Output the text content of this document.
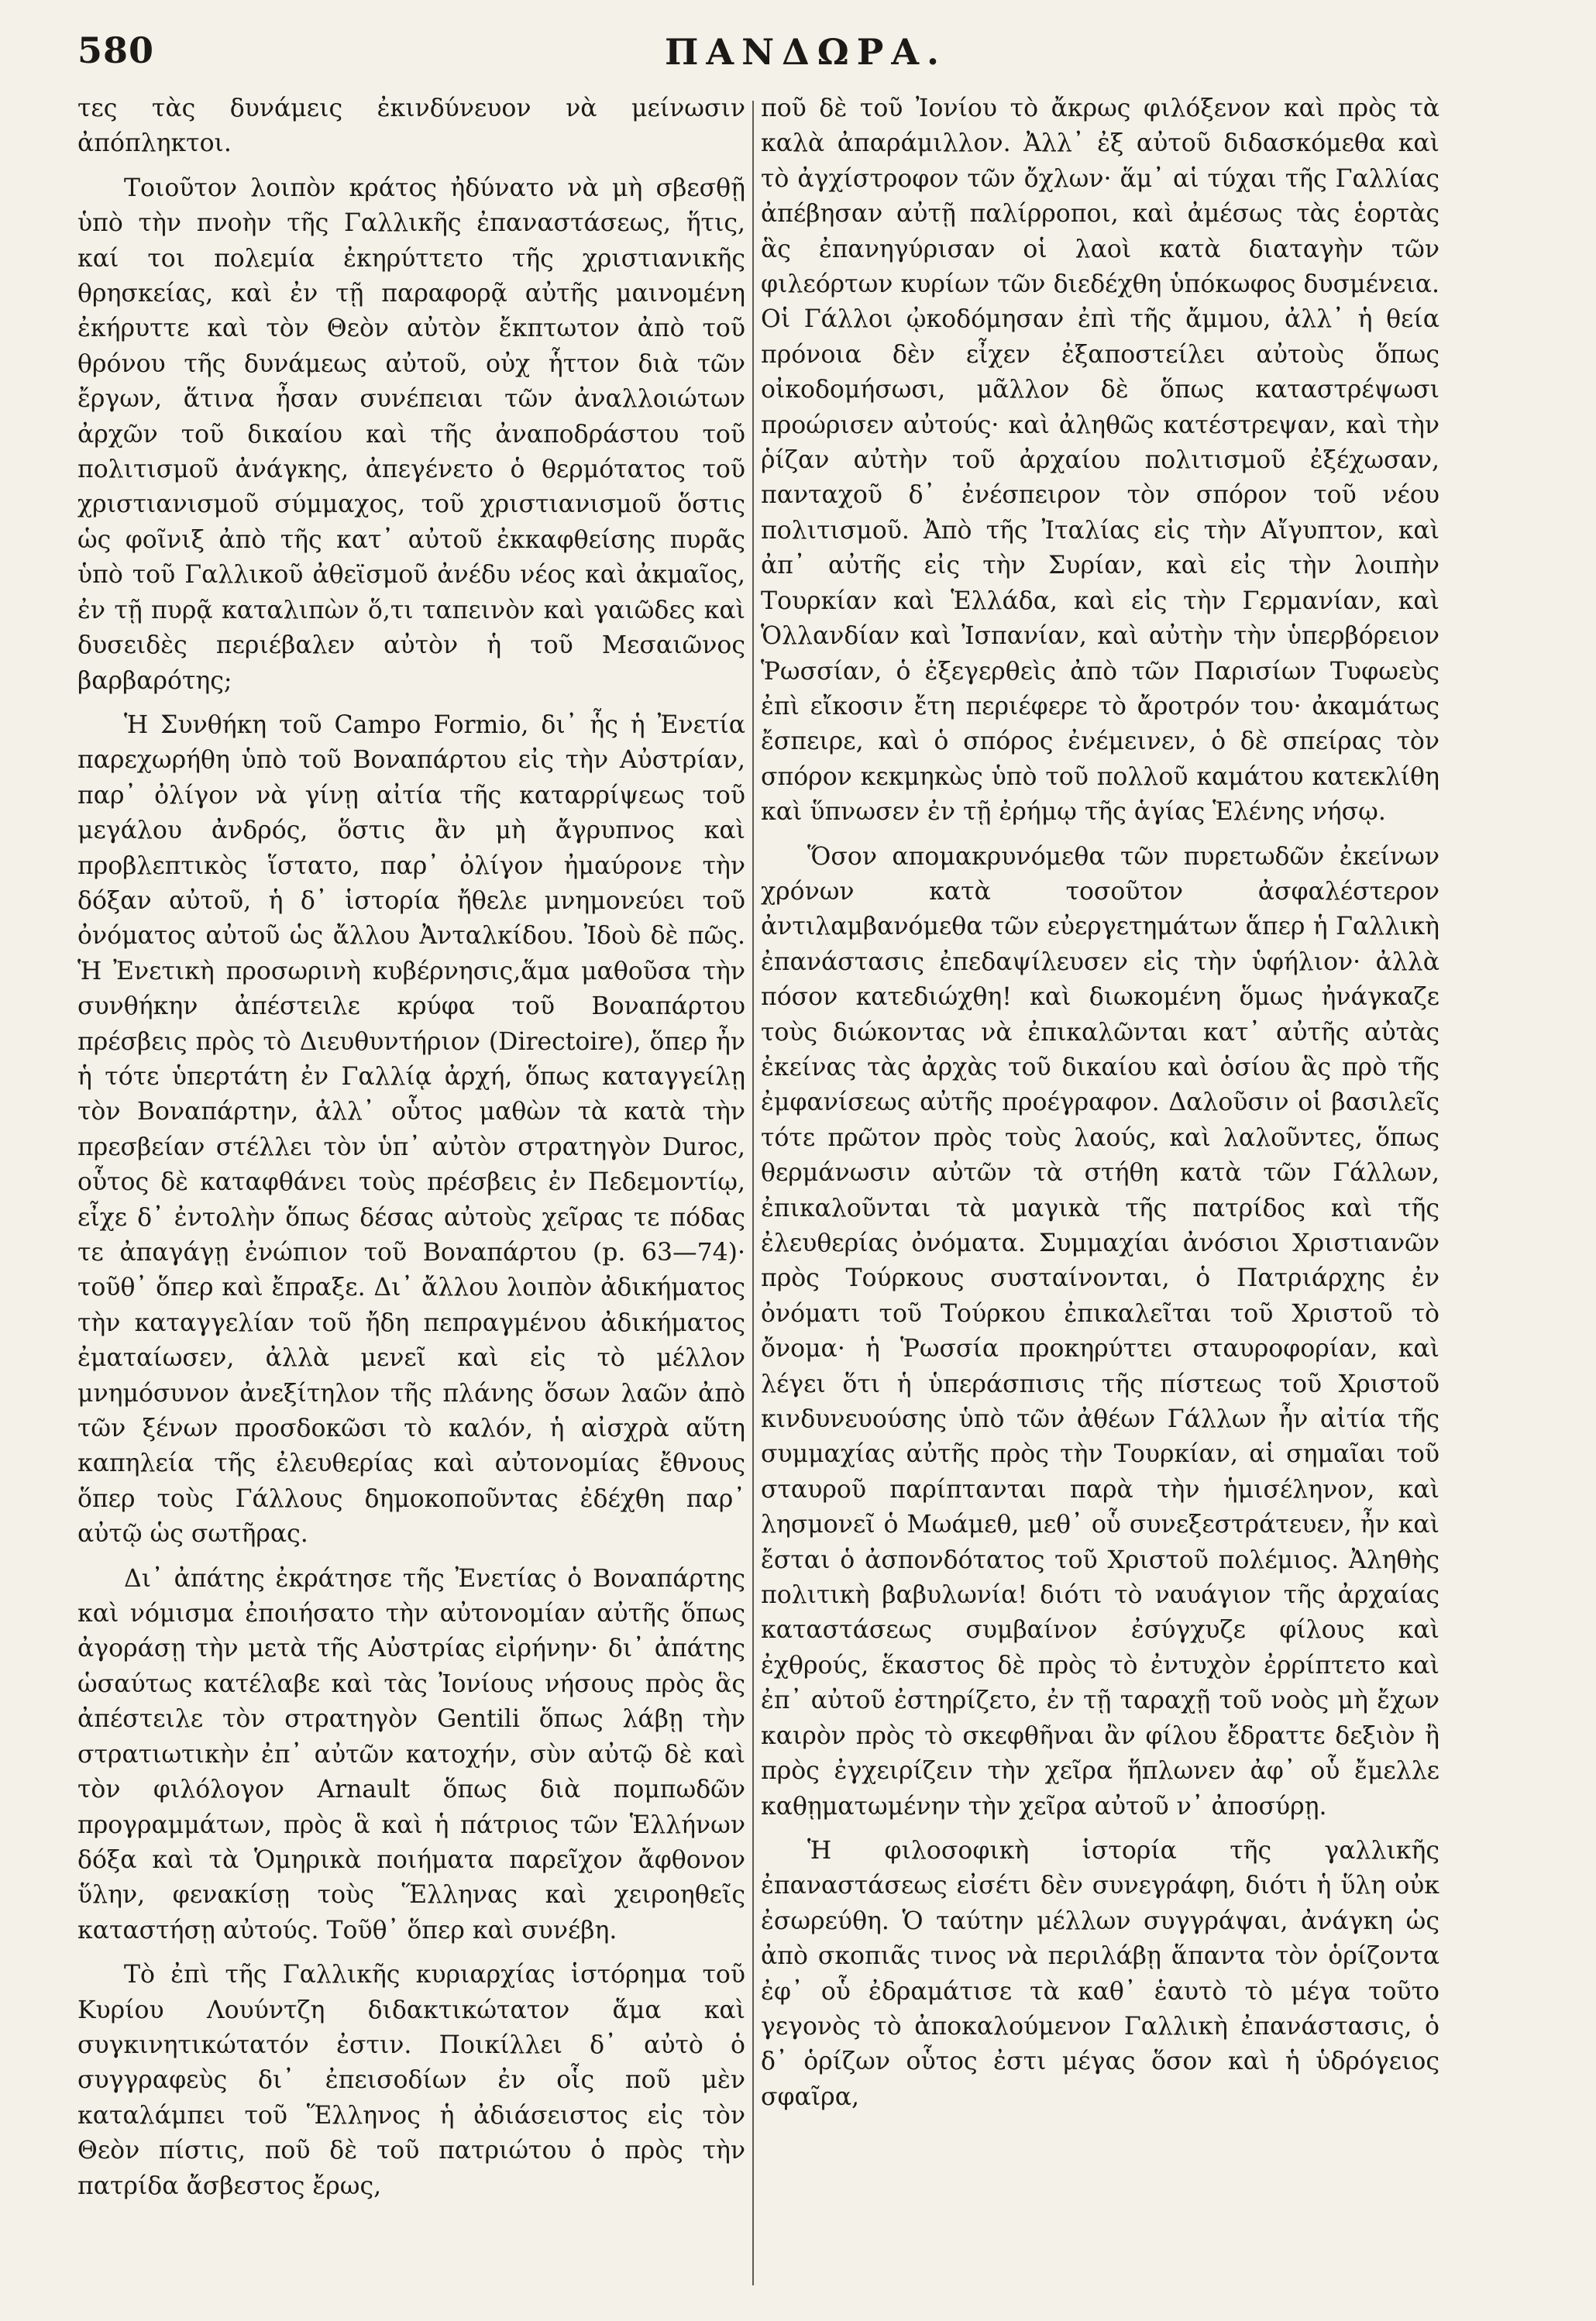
580	ΠΑΝΔΩΡΑ.

τες τὰς δυνάμεις ἐκινδύνευον νὰ μείνωσιν ἀπόπληκτοι.

Τοιοῦτον λοιπὸν κράτος ἠδύνατο νὰ μὴ σβεσθῇ ὑπὸ τὴν πνοὴν τῆς Γαλλικῆς ἐπαναστάσεως, ἥτις, καί τοι πολεμία ἐκηρύττετο τῆς χριστιανικῆς θρησκείας, καὶ ἐν τῇ παραφορᾷ αὐτῆς μαινομένη ἐκήρυττε καὶ τὸν Θεὸν αὐτὸν ἔκπτωτον ἀπὸ τοῦ θρόνου τῆς δυνάμεως αὐτοῦ, οὐχ ἧττον διὰ τῶν ἔργων, ἅτινα ἦσαν συνέπειαι τῶν ἀναλλοιώτων ἀρχῶν τοῦ δικαίου καὶ τῆς ἀναποδράστου τοῦ πολιτισμοῦ ἀνάγκης, ἀπεγένετο ὁ θερμότατος τοῦ χριστιανισμοῦ σύμμαχος, τοῦ χριστιανισμοῦ ὅστις ὡς φοῖνιξ ἀπὸ τῆς κατ᾽ αὐτοῦ ἐκκαφθείσης πυρᾶς ὑπὸ τοῦ Γαλλικοῦ ἀθεϊσμοῦ ἀνέδυ νέος καὶ ἀκμαῖος, ἐν τῇ πυρᾷ καταλιπὼν ὅ,τι ταπεινὸν καὶ γαιῶδες καὶ δυσειδὲς περιέβαλεν αὐτὸν ἡ τοῦ Μεσαιῶνος βαρβαρότης;

Ἡ Συνθήκη τοῦ Campo Formio, δι᾽ ἧς ἡ Ἐνετία παρεχωρήθη ὑπὸ τοῦ Βοναπάρτου εἰς τὴν Αὐστρίαν, παρ᾽ ὀλίγον νὰ γίνῃ αἰτία τῆς καταρρίψεως τοῦ μεγάλου ἀνδρός, ὅστις ἂν μὴ ἄγρυπνος καὶ προβλεπτικὸς ἵστατο, παρ᾽ ὀλίγον ἠμαύρονε τὴν δόξαν αὐτοῦ, ἡ δ᾽ ἱστορία ἤθελε μνημονεύει τοῦ ὀνόματος αὐτοῦ ὡς ἄλλου Ἀνταλκίδου. Ἰδοὺ δὲ πῶς. Ἡ Ἐνετικὴ προσωρινὴ κυβέρνησις,ἅμα μαθοῦσα τὴν συνθήκην ἀπέστειλε κρύφα τοῦ Βοναπάρτου πρέσβεις πρὸς τὸ Διευθυντήριον (Directoire), ὅπερ ἦν ἡ τότε ὑπερτάτη ἐν Γαλλίᾳ ἀρχή, ὅπως καταγγείλῃ τὸν Βοναπάρτην, ἀλλ᾽ οὗτος μαθὼν τὰ κατὰ τὴν πρεσβείαν στέλλει τὸν ὑπ᾽ αὐτὸν στρατηγὸν Duroc, οὗτος δὲ καταφθάνει τοὺς πρέσβεις ἐν Πεδεμοντίῳ, εἶχε δ᾽ ἐντολὴν ὅπως δέσας αὐτοὺς χεῖρας τε πόδας τε ἀπαγάγῃ ἐνώπιον τοῦ Βοναπάρτου (p. 63—74)· τοῦθ᾽ ὅπερ καὶ ἔπραξε. Δι᾽ ἄλλου λοιπὸν ἀδικήματος τὴν καταγγελίαν τοῦ ἤδη πεπραγμένου ἀδικήματος ἐματαίωσεν, ἀλλὰ μενεῖ καὶ εἰς τὸ μέλλον μνημόσυνον ἀνεξίτηλον τῆς πλάνης ὅσων λαῶν ἀπὸ τῶν ξένων προσδοκῶσι τὸ καλόν, ἡ αἰσχρὰ αὕτη καπηλεία τῆς ἐλευθερίας καὶ αὐτονομίας ἔθνους ὅπερ τοὺς Γάλλους δημοκοποῦντας ἐδέχθη παρ᾽ αὐτῷ ὡς σωτῆρας.

Δι᾽ ἀπάτης ἐκράτησε τῆς Ἐνετίας ὁ Βοναπάρτης καὶ νόμισμα ἐποιήσατο τὴν αὐτονομίαν αὐτῆς ὅπως ἀγοράσῃ τὴν μετὰ τῆς Αὐστρίας εἰρήνην· δι᾽ ἀπάτης ὡσαύτως κατέλαβε καὶ τὰς Ἰονίους νήσους πρὸς ἃς ἀπέστειλε τὸν στρατηγὸν Gentili ὅπως λάβῃ τὴν στρατιωτικὴν ἐπ᾽ αὐτῶν κατοχήν, σὺν αὐτῷ δὲ καὶ τὸν φιλόλογον Arnault ὅπως διὰ πομπωδῶν προγραμμάτων, πρὸς ἃ καὶ ἡ πάτριος τῶν Ἑλλήνων δόξα καὶ τὰ Ὁμηρικὰ ποιήματα παρεῖχον ἄφθονον ὕλην, φενακίσῃ τοὺς Ἕλληνας καὶ χειροηθεῖς καταστήσῃ αὐτούς. Τοῦθ᾽ ὅπερ καὶ συνέβη.

Τὸ ἐπὶ τῆς Γαλλικῆς κυριαρχίας ἱστόρημα τοῦ Κυρίου Λουύντζη διδακτικώτατον ἅμα καὶ συγκινητικώτατόν ἐστιν. Ποικίλλει δ᾽ αὐτὸ ὁ συγγραφεὺς δι᾽ ἐπεισοδίων ἐν οἷς ποῦ μὲν καταλάμπει τοῦ Ἕλληνος ἡ ἀδιάσειστος εἰς τὸν Θεὸν πίστις, ποῦ δὲ τοῦ πατριώτου ὁ πρὸς τὴν πατρίδα ἄσβεστος ἔρως,

ποῦ δὲ τοῦ Ἰονίου τὸ ἄκρως φιλόξενον καὶ πρὸς τὰ καλὰ ἀπαράμιλλον. Ἀλλ᾽ ἐξ αὐτοῦ διδασκόμεθα καὶ τὸ ἀγχίστροφον τῶν ὄχλων· ἅμ᾽ αἱ τύχαι τῆς Γαλλίας ἀπέβησαν αὐτῇ παλίρροποι, καὶ ἀμέσως τὰς ἑορτὰς ἃς ἐπανηγύρισαν οἱ λαοὶ κατὰ διαταγὴν τῶν φιλεόρτων κυρίων τῶν διεδέχθη ὑπόκωφος δυσμένεια. Οἱ Γάλλοι ᾠκοδόμησαν ἐπὶ τῆς ἄμμου, ἀλλ᾽ ἡ θεία πρόνοια δὲν εἶχεν ἐξαποστείλει αὐτοὺς ὅπως οἰκοδομήσωσι, μᾶλλον δὲ ὅπως καταστρέψωσι προώρισεν αὐτούς· καὶ ἀληθῶς κατέστρεψαν, καὶ τὴν ῥίζαν αὐτὴν τοῦ ἀρχαίου πολιτισμοῦ ἐξέχωσαν, πανταχοῦ δ᾽ ἐνέσπειρον τὸν σπόρον τοῦ νέου πολιτισμοῦ. Ἀπὸ τῆς Ἰταλίας εἰς τὴν Αἴγυπτον, καὶ ἀπ᾽ αὐτῆς εἰς τὴν Συρίαν, καὶ εἰς τὴν λοιπὴν Τουρκίαν καὶ Ἑλλάδα, καὶ εἰς τὴν Γερμανίαν, καὶ Ὁλλανδίαν καὶ Ἰσπανίαν, καὶ αὐτὴν τὴν ὑπερβόρειον Ῥωσσίαν, ὁ ἐξεγερθεὶς ἀπὸ τῶν Παρισίων Τυφωεὺς ἐπὶ εἴκοσιν ἔτη περιέφερε τὸ ἄροτρόν του· ἀκαμάτως ἔσπειρε, καὶ ὁ σπόρος ἐνέμεινεν, ὁ δὲ σπείρας τὸν σπόρον κεκμηκὼς ὑπὸ τοῦ πολλοῦ καμάτου κατεκλίθη καὶ ὕπνωσεν ἐν τῇ ἐρήμῳ τῆς ἁγίας Ἑλένης νήσῳ.

Ὅσον απομακρυνόμεθα τῶν πυρετωδῶν ἐκείνων χρόνων κατὰ τοσοῦτον ἀσφαλέστερον ἀντιλαμβανόμεθα τῶν εὐεργετημάτων ἅπερ ἡ Γαλλικὴ ἐπανάστασις ἐπεδαψίλευσεν εἰς τὴν ὑφήλιον· ἀλλὰ πόσον κατεδιώχθη! καὶ διωκομένη ὅμως ἠνάγκαζε τοὺς διώκοντας νὰ ἐπικαλῶνται κατ᾽ αὐτῆς αὐτὰς ἐκείνας τὰς ἀρχὰς τοῦ δικαίου καὶ ὁσίου ἃς πρὸ τῆς ἐμφανίσεως αὐτῆς προέγραφον. Δαλοῦσιν οἱ βασιλεῖς τότε πρῶτον πρὸς τοὺς λαούς, καὶ λαλοῦντες, ὅπως θερμάνωσιν αὐτῶν τὰ στήθη κατὰ τῶν Γάλλων, ἐπικαλοῦνται τὰ μαγικὰ τῆς πατρίδος καὶ τῆς ἐλευθερίας ὀνόματα. Συμμαχίαι ἀνόσιοι Χριστιανῶν πρὸς Τούρκους συσταίνονται, ὁ Πατριάρχης ἐν ὀνόματι τοῦ Τούρκου ἐπικαλεῖται τοῦ Χριστοῦ τὸ ὄνομα· ἡ Ῥωσσία προκηρύττει σταυροφορίαν, καὶ λέγει ὅτι ἡ ὑπεράσπισις τῆς πίστεως τοῦ Χριστοῦ κινδυνευούσης ὑπὸ τῶν ἀθέων Γάλλων ἦν αἰτία τῆς συμμαχίας αὐτῆς πρὸς τὴν Τουρκίαν, αἱ σημαῖαι τοῦ σταυροῦ παρίπτανται παρὰ τὴν ἡμισέληνον, καὶ λησμονεῖ ὁ Μωάμεθ, μεθ᾽ οὗ συνεξεστράτευεν, ἦν καὶ ἔσται ὁ ἀσπονδότατος τοῦ Χριστοῦ πολέμιος. Ἀληθὴς πολιτικὴ βαβυλωνία! διότι τὸ ναυάγιον τῆς ἀρχαίας καταστάσεως συμβαίνον ἐσύγχυζε φίλους καὶ ἐχθρούς, ἕκαστος δὲ πρὸς τὸ ἐντυχὸν ἐρρίπτετο καὶ ἐπ᾽ αὐτοῦ ἐστηρίζετο, ἐν τῇ ταραχῇ τοῦ νοὸς μὴ ἔχων καιρὸν πρὸς τὸ σκεφθῆναι ἂν φίλου ἔδραττε δεξιὸν ἢ πρὸς ἐγχειρίζειν τὴν χεῖρα ἥπλωνεν ἀφ᾽ οὗ ἔμελλε καθῃματωμένην τὴν χεῖρα αὐτοῦ ν᾽ ἀποσύρῃ.

Ἡ φιλοσοφικὴ ἱστορία τῆς γαλλικῆς ἐπαναστάσεως εἰσέτι δὲν συνεγράφη, διότι ἡ ὕλη οὐκ ἐσωρεύθη. Ὁ ταύτην μέλλων συγγράψαι, ἀνάγκη ὡς ἀπὸ σκοπιᾶς τινος νὰ περιλάβῃ ἅπαντα τὸν ὁρίζοντα ἐφ᾽ οὗ ἐδραμάτισε τὰ καθ᾽ ἑαυτὸ τὸ μέγα τοῦτο γεγονὸς τὸ ἀποκαλούμενον Γαλλικὴ ἐπανάστασις, ὁ δ᾽ ὁρίζων οὗτος ἐστι μέγας ὅσον καὶ ἡ ὑδρόγειος σφαῖρα,
